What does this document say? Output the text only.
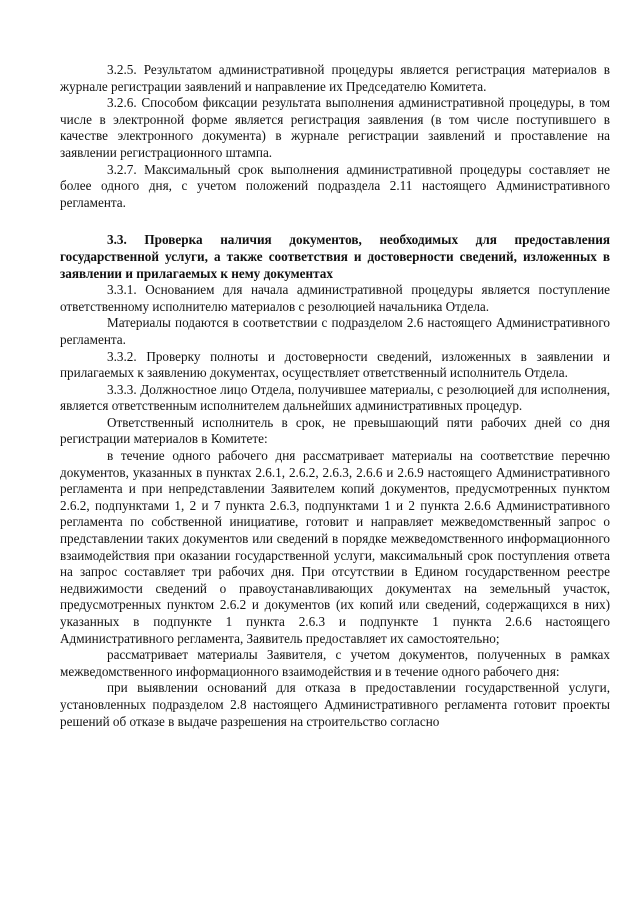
3.2.5. Результатом административной процедуры является регистрация материалов в журнале регистрации заявлений и направление их Председателю Комитета.

3.2.6. Способом фиксации результата выполнения административной процедуры, в том числе в электронной форме является регистрация заявления (в том числе поступившего в качестве электронного документа) в журнале регистрации заявлений и проставление на заявлении регистрационного штампа.

3.2.7. Максимальный срок выполнения административной процедуры составляет не более одного дня, с учетом положений подраздела 2.11 настоящего Административного регламента.

3.3. Проверка наличия документов, необходимых для предоставления государственной услуги, а также соответствия и достоверности сведений, изложенных в заявлении и прилагаемых к нему документах

3.3.1. Основанием для начала административной процедуры является поступление ответственному исполнителю материалов с резолюцией начальника Отдела.

Материалы подаются в соответствии с подразделом 2.6 настоящего Административного регламента.

3.3.2. Проверку полноты и достоверности сведений, изложенных в заявлении и прилагаемых к заявлению документах, осуществляет ответственный исполнитель Отдела.

3.3.3. Должностное лицо Отдела, получившее материалы, с резолюцией для исполнения, является ответственным исполнителем дальнейших административных процедур.

Ответственный исполнитель в срок, не превышающий пяти рабочих дней со дня регистрации материалов в Комитете:

в течение одного рабочего дня рассматривает материалы на соответствие перечню документов, указанных в пунктах 2.6.1, 2.6.2, 2.6.3, 2.6.6 и 2.6.9 настоящего Административного регламента и при непредставлении Заявителем копий документов, предусмотренных пунктом 2.6.2, подпунктами 1, 2 и 7 пункта 2.6.3, подпунктами 1 и 2 пункта 2.6.6 Административного регламента по собственной инициативе, готовит и направляет межведомственный запрос о представлении таких документов или сведений в порядке межведомственного информационного взаимодействия при оказании государственной услуги, максимальный срок поступления ответа на запрос составляет три рабочих дня. При отсутствии в Едином государственном реестре недвижимости сведений о правоустанавливающих документах на земельный участок, предусмотренных пунктом 2.6.2 и документов (их копий или сведений, содержащихся в них) указанных в подпункте 1 пункта 2.6.3 и подпункте 1 пункта 2.6.6 настоящего Административного регламента, Заявитель предоставляет их самостоятельно;

рассматривает материалы Заявителя, с учетом документов, полученных в рамках межведомственного информационного взаимодействия и в течение одного рабочего дня:

при выявлении оснований для отказа в предоставлении государственной услуги, установленных подразделом 2.8 настоящего Административного регламента готовит проекты решений об отказе в выдаче разрешения на строительство согласно
